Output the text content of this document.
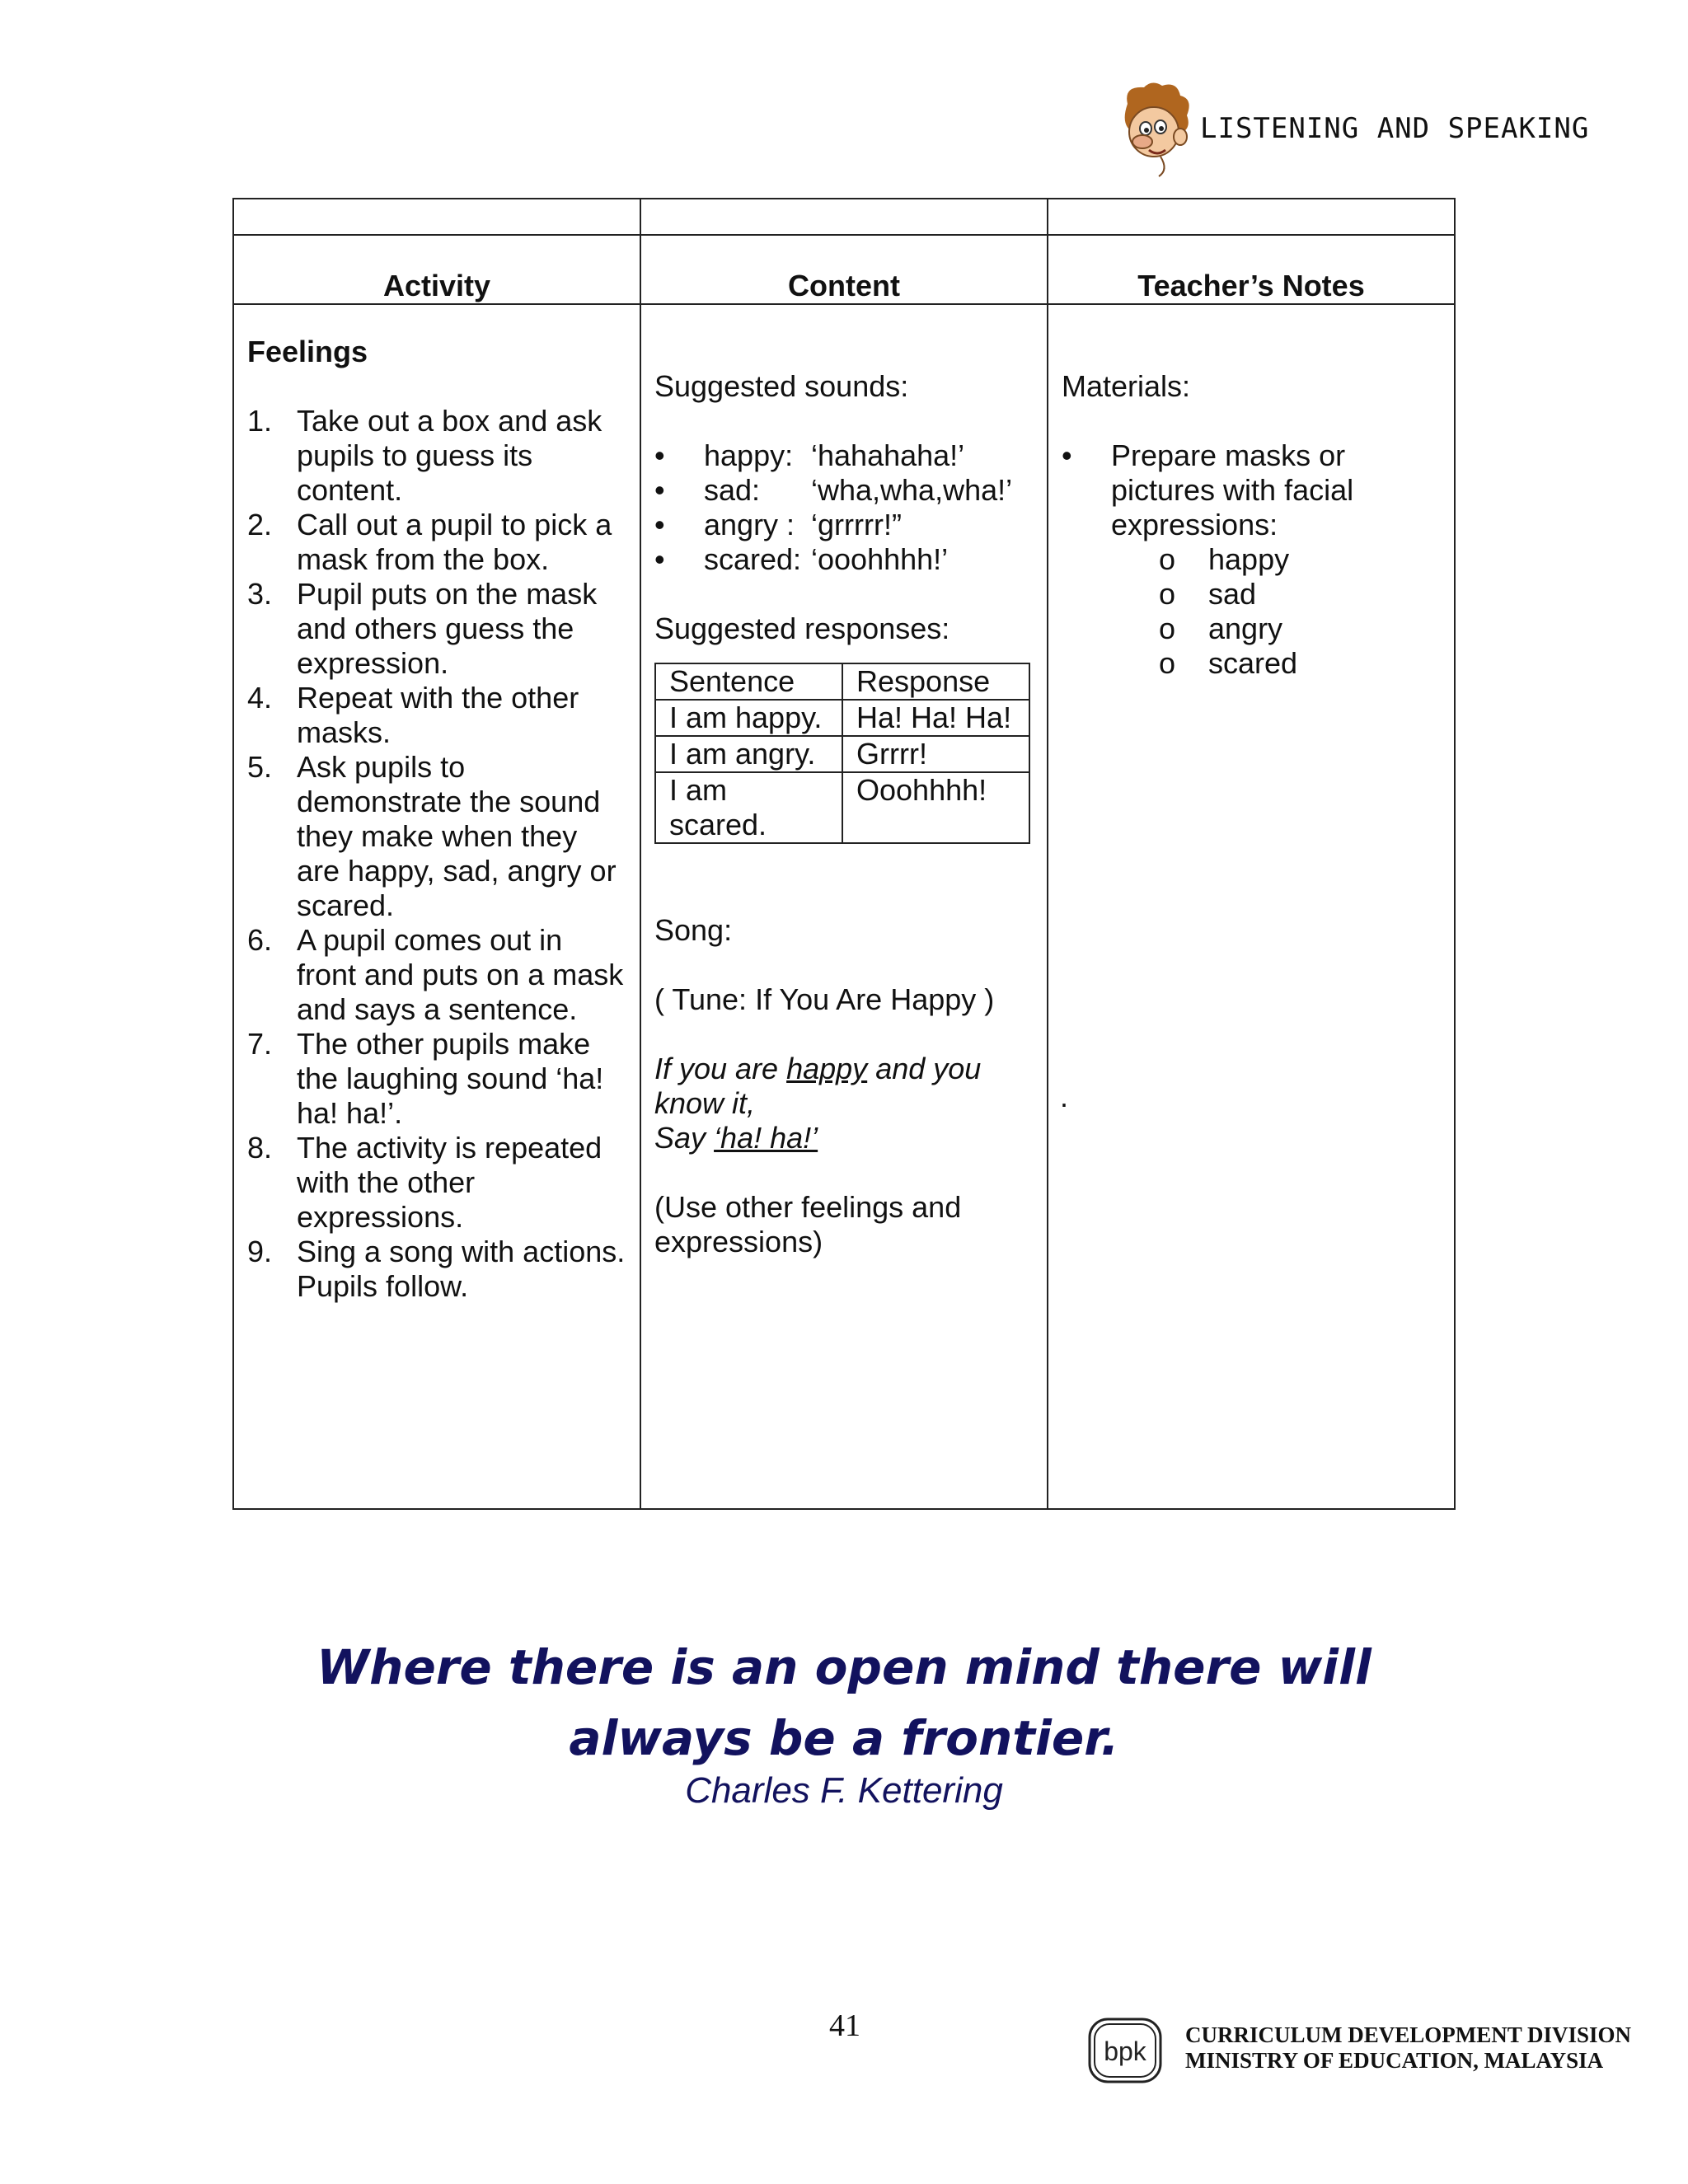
LISTENING AND SPEAKING

Activity	Content	Teacher’s Notes

Feelings
1. Take out a box and ask pupils to guess its content.
2. Call out a pupil to pick a mask from the box.
3. Pupil puts on the mask and others guess the expression.
4. Repeat with the other masks.
5. Ask pupils to demonstrate the sound they make when they are happy, sad, angry or scared.
6. A pupil comes out in front and puts on a mask and says a sentence.
7. The other pupils make the laughing sound ‘ha! ha! ha!’.
8. The activity is repeated with the other expressions.
9. Sing a song with actions. Pupils follow.

Suggested sounds:

•	happy: ‘hahahaha!’
•	sad:	‘wha,wha,wha!’
•	angry : ‘grrrrr!”
•	scared: ‘ooohhhh!’

Suggested responses:

Sentence	Response
I am happy.	Ha! Ha! Ha!
I am angry.	Grrrr!
I am scared.	Ooohhhh!

Song:

( Tune: If You Are Happy )

If you are happy and you know it,
Say ‘ha! ha!’

(Use other feelings and expressions)

Materials:

•	Prepare masks or pictures with facial expressions:
o	happy
o	sad
o	angry
o	scared
.
Where there is an open mind there will always be a frontier.
Charles F. Kettering
41
bpk
CURRICULUM DEVELOPMENT DIVISION
MINISTRY OF EDUCATION, MALAYSIA
